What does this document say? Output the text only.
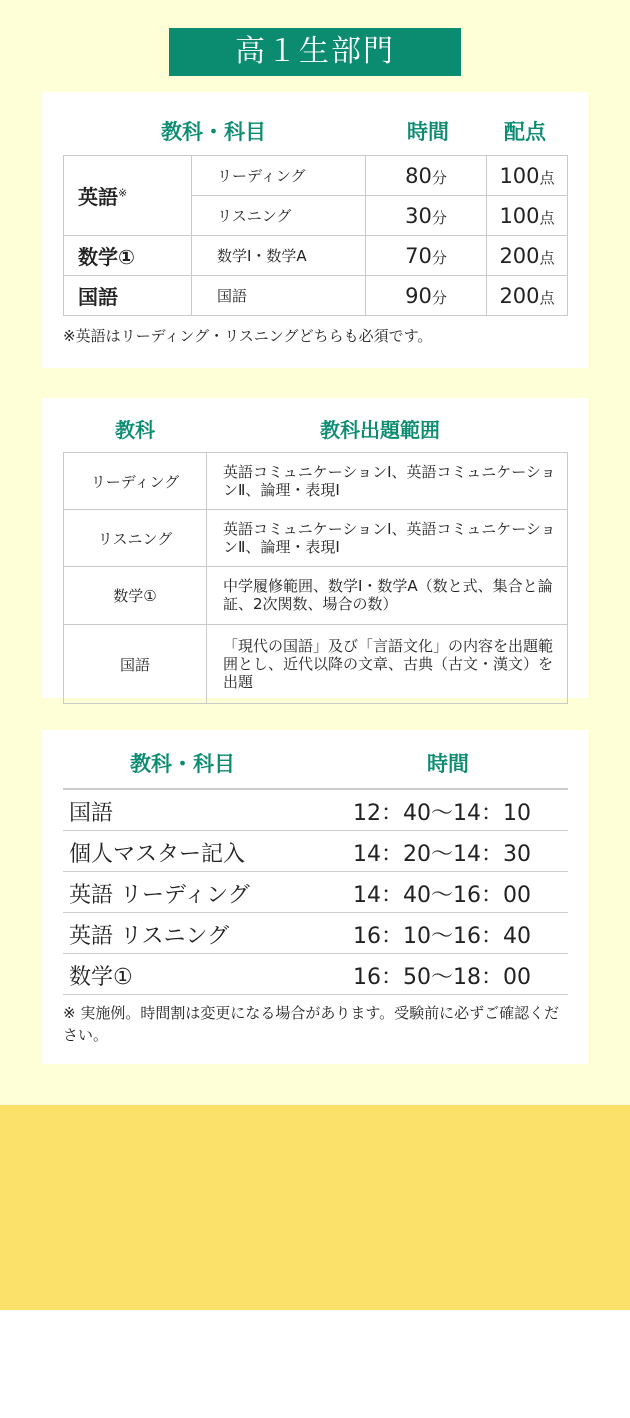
高１生部門
教科・科目	時間	配点
英語※	リーディング	80分	100点
	リスニング	30分	100点
数学①	数学I・数学A	70分	200点
国語	国語	90分	200点
※英語はリーディング・リスニングどちらも必須です。
教科	教科出題範囲
リーディング	英語コミュニケーションⅠ、英語コミュニケーションⅡ、論理・表現Ⅰ
リスニング	英語コミュニケーションⅠ、英語コミュニケーションⅡ、論理・表現Ⅰ
数学①	中学履修範囲、数学Ⅰ・数学A（数と式、集合と論証、2次関数、場合の数）
国語	「現代の国語」及び「言語文化」の内容を出題範囲とし、近代以降の文章、古典（古文・漢文）を出題
教科・科目	時間
国語	12：40〜14：10
個人マスター記入	14：20〜14：30
英語 リーディング	14：40〜16：00
英語 リスニング	16：10〜16：40
数学①	16：50〜18：00
※ 実施例。時間割は変更になる場合があります。受験前に必ずご確認ください。
